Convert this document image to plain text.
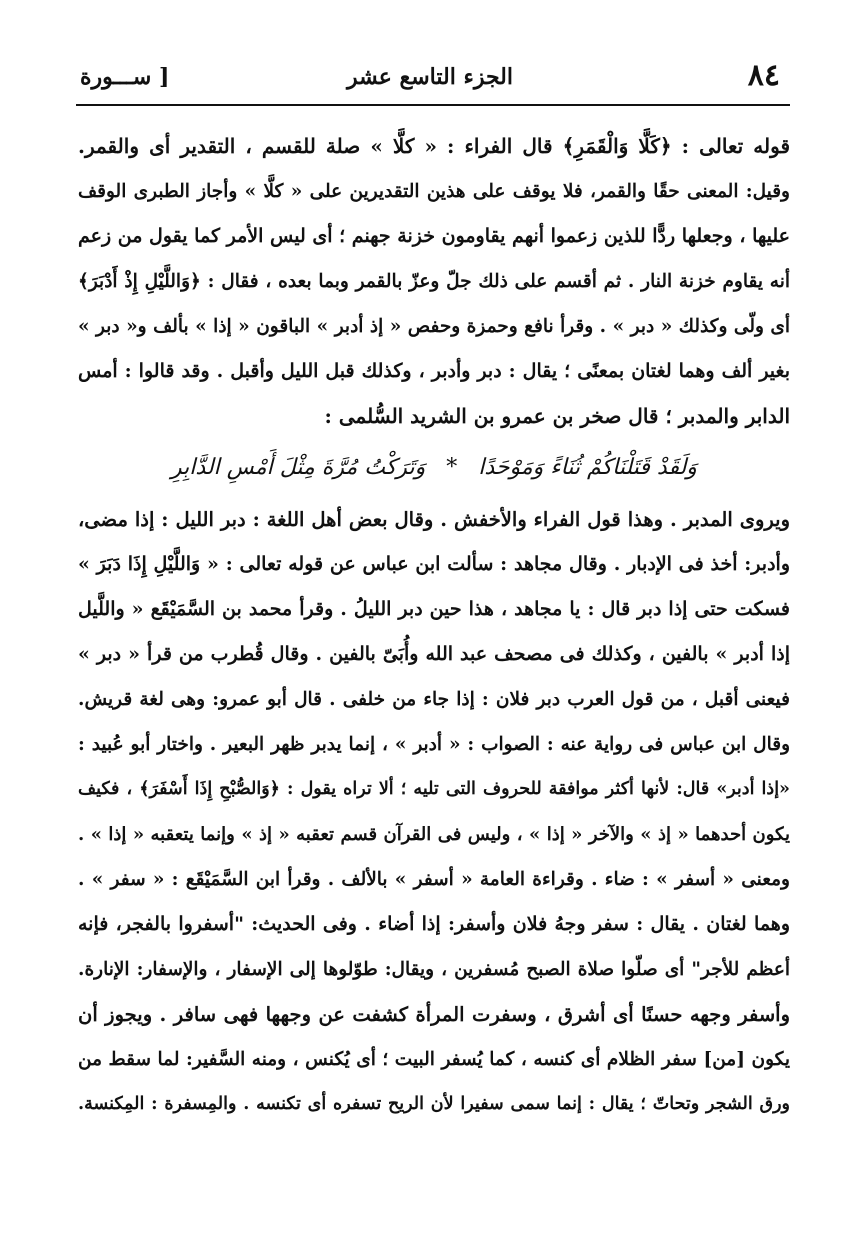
٨٤
الجزء التاسع عشر
[ ســـورة
قوله تعالى : ﴿كَلَّا وَالْقَمَرِ﴾ قال الفراء : « كلَّا » صلة للقسم ، التقدير أى والقمر.
وقيل: المعنى حقًا والقمر، فلا يوقف على هذين التقديرين على « كلَّا » وأجاز الطبرى الوقف
عليها ، وجعلها ردًّا للذين زعموا أنهم يقاومون خزنة جهنم ؛ أى ليس الأمر كما يقول من زعم
أنه يقاوم خزنة النار . ثم أقسم على ذلك جلّ وعزّ بالقمر وبما بعده ، فقال : ﴿وَاللَّيْلِ إِذْ أَدْبَرَ﴾
أى ولّى وكذلك « دبر » . وقرأ نافع وحمزة وحفص « إذ أدبر » الباقون « إذا » بألف و« دبر »
بغير ألف وهما لغتان بمعنًى ؛ يقال : دبر وأدبر ، وكذلك قبل الليل وأقبل . وقد قالوا : أمس
الدابر والمدبر ؛ قال صخر بن عمرو بن الشريد السُّلمى :
وَلَقَدْ قَتَلْنَاكُمْ ثُنَاءً وَمَوْحَدًا * وَتَرَكْتُ مُرَّةَ مِثْلَ أَمْسِ الدَّابِرِ
ويروى المدبر . وهذا قول الفراء والأخفش . وقال بعض أهل اللغة : دبر الليل : إذا مضى،
وأدبر: أخذ فى الإدبار . وقال مجاهد : سألت ابن عباس عن قوله تعالى : « وَاللَّيْلِ إِذَا دَبَرَ »
فسكت حتى إذا دبر قال : يا مجاهد ، هذا حين دبر الليلُ . وقرأ محمد بن السَّمَيْقَع « واللَّيل
إذا أدبر » بالفين ، وكذلك فى مصحف عبد الله وأُبَىّ بالفين . وقال قُطرب من قرأ « دبر »
فيعنى أقبل ، من قول العرب دبر فلان : إذا جاء من خلفى . قال أبو عمرو: وهى لغة قريش.
وقال ابن عباس فى رواية عنه : الصواب : « أدبر » ، إنما يدبر ظهر البعير . واختار أبو عُبيد :
«إذا أدبر» قال: لأنها أكثر موافقة للحروف التى تليه ؛ ألا تراه يقول : ﴿وَالصُّبْحِ إِذَا أَسْفَرَ﴾ ، فكيف
يكون أحدهما « إذ » والآخر « إذا » ، وليس فى القرآن قسم تعقبه « إذ » وإنما يتعقبه « إذا » .
ومعنى « أسفر » : ضاء . وقراءة العامة « أسفر » بالألف . وقرأ ابن السَّمَيْقَع : « سفر » .
وهما لغتان . يقال : سفر وجهُ فلان وأسفر: إذا أضاء . وفى الحديث: "أسفروا بالفجر، فإنه
أعظم للأجر" أى صلّوا صلاة الصبح مُسفرين ، ويقال: طوّلوها إلى الإسفار ، والإسفار: الإنارة.
وأسفر وجهه حسنًا أى أشرق ، وسفرت المرأة كشفت عن وجهها فهى سافر . ويجوز أن
يكون [من] سفر الظلام أى كنسه ، كما يُسفر البيت ؛ أى يُكنس ، ومنه السَّفير: لما سقط من
ورق الشجر وتحاتّ ؛ يقال : إنما سمى سفيرا لأن الريح تسفره أى تكنسه . والمِسفرة : المِكنسة.
